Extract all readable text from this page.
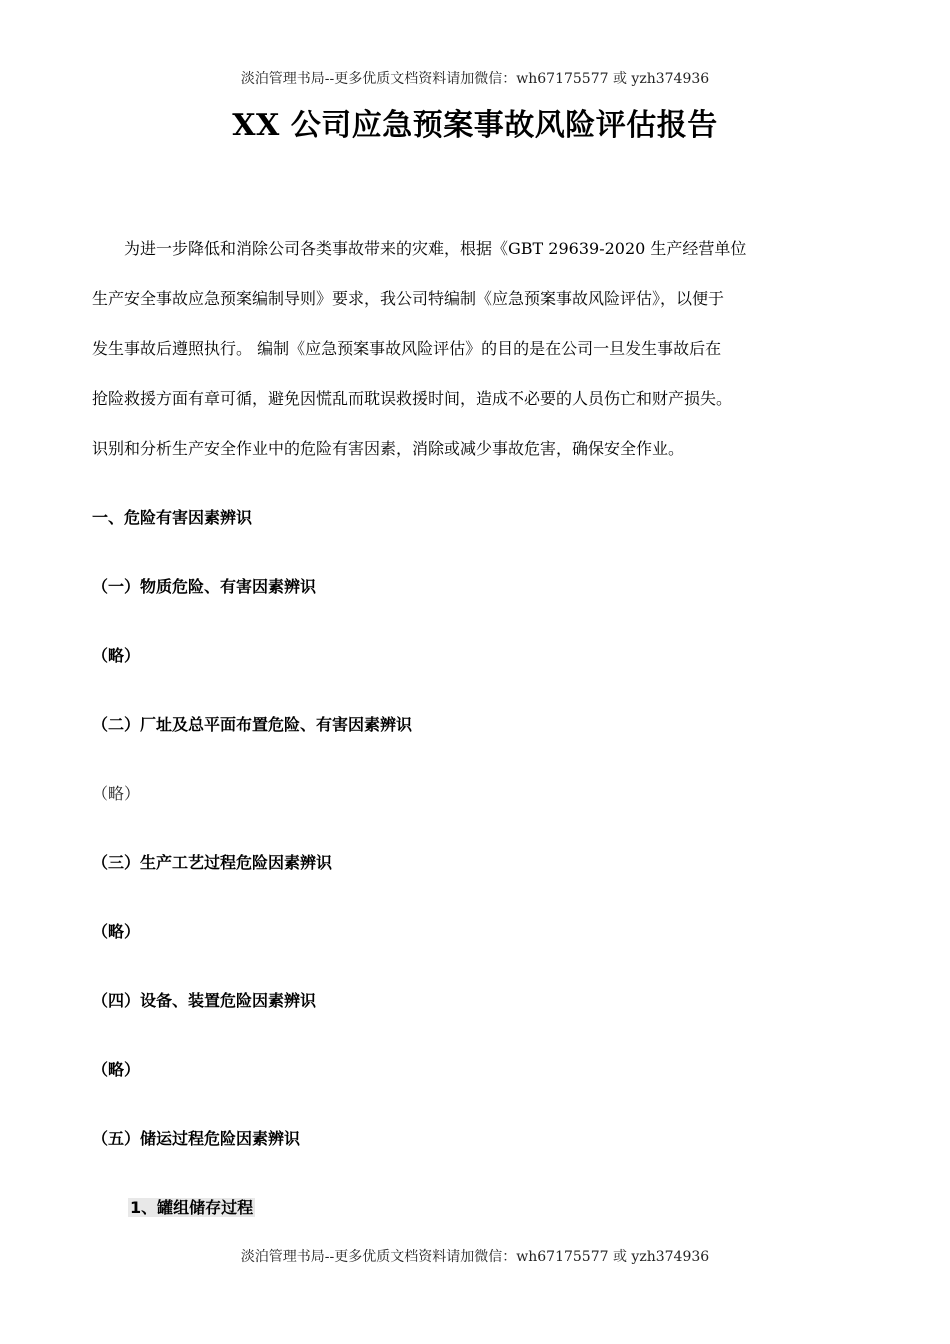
淡泊管理书局--更多优质文档资料请加微信：wh67175577 或 yzh374936
XX 公司应急预案事故风险评估报告
为进一步降低和消除公司各类事故带来的灾难，根据《GBT 29639-2020 生产经营单位
生产安全事故应急预案编制导则》要求，我公司特编制《应急预案事故风险评估》，以便于
发生事故后遵照执行。 编制《应急预案事故风险评估》的目的是在公司一旦发生事故后在
抢险救援方面有章可循，避免因慌乱而耽误救援时间，造成不必要的人员伤亡和财产损失。
识别和分析生产安全作业中的危险有害因素，消除或减少事故危害，确保安全作业。
一、危险有害因素辨识
（一）物质危险、有害因素辨识
（略）
（二）厂址及总平面布置危险、有害因素辨识
（略）
（三）生产工艺过程危险因素辨识
（略）
（四）设备、装置危险因素辨识
（略）
（五）储运过程危险因素辨识
1、罐组储存过程
淡泊管理书局--更多优质文档资料请加微信：wh67175577 或 yzh374936
